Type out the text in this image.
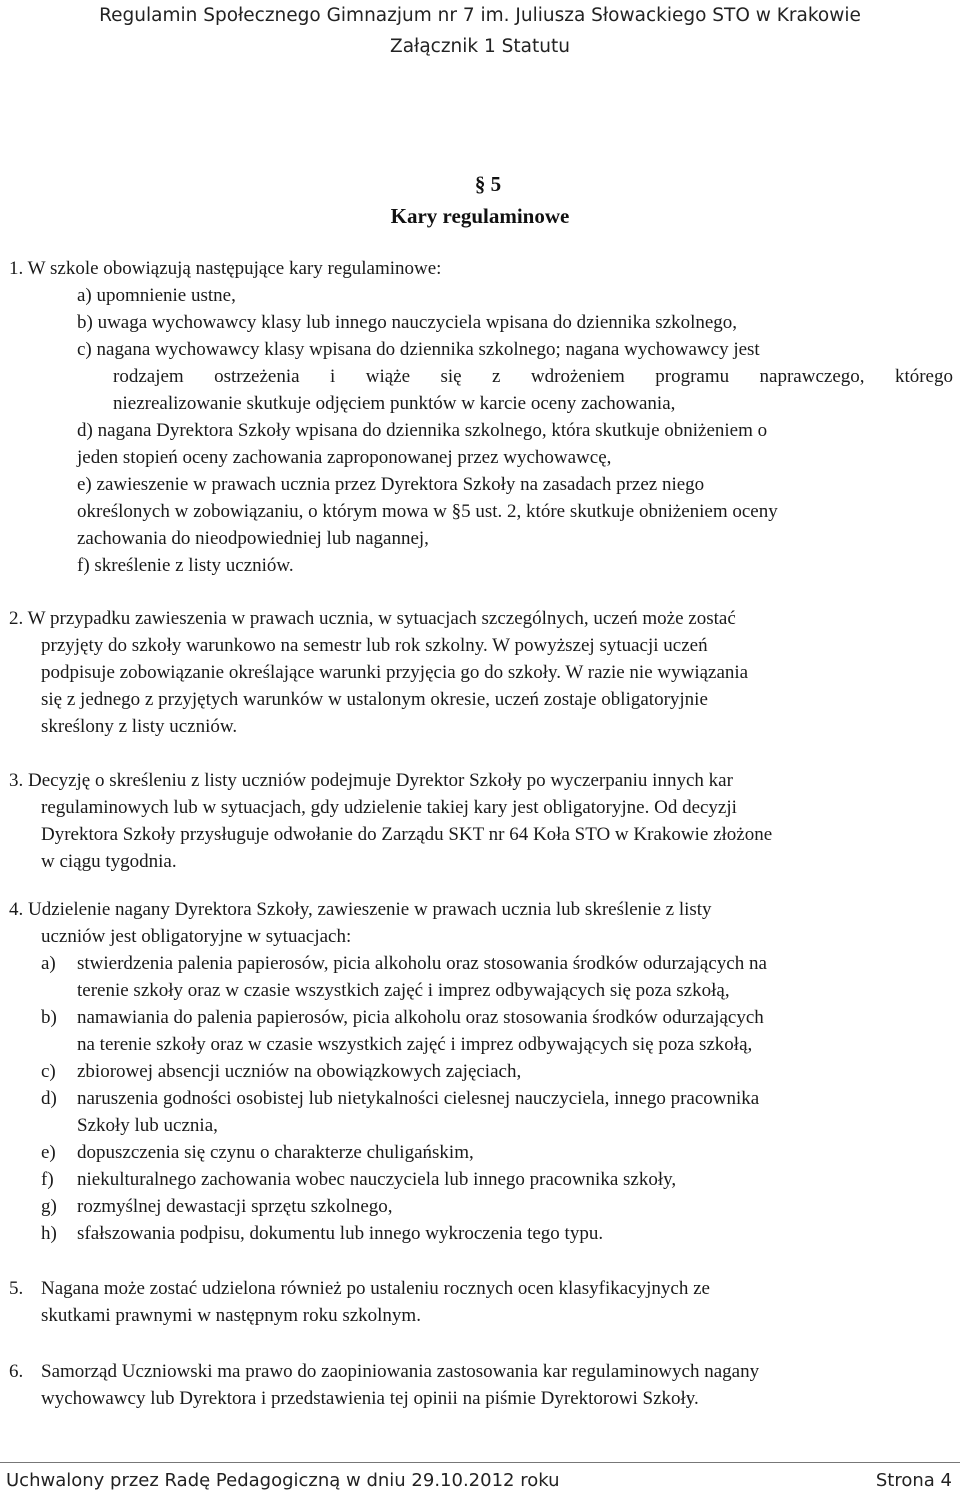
Regulamin Społecznego Gimnazjum nr 7 im. Juliusza Słowackiego STO w Krakowie
Załącznik 1 Statutu
§ 5
Kary regulaminowe
1. W szkole obowiązują następujące kary regulaminowe:
a) upomnienie ustne,
b) uwaga wychowawcy klasy lub innego nauczyciela wpisana do dziennika szkolnego,
c) nagana wychowawcy klasy wpisana do dziennika szkolnego; nagana wychowawcy jest
rodzajem ostrzeżenia i wiąże się z wdrożeniem programu naprawczego, którego
niezrealizowanie skutkuje odjęciem punktów w karcie oceny zachowania,
d) nagana Dyrektora Szkoły wpisana do dziennika szkolnego, która skutkuje obniżeniem o
jeden stopień oceny zachowania zaproponowanej przez wychowawcę,
e) zawieszenie w prawach ucznia przez Dyrektora Szkoły na zasadach przez niego
określonych w zobowiązaniu, o którym mowa w §5 ust. 2, które skutkuje obniżeniem oceny
zachowania do nieodpowiedniej lub nagannej,
f) skreślenie z listy uczniów.
2. W przypadku zawieszenia w prawach ucznia, w sytuacjach szczególnych, uczeń może zostać
przyjęty do szkoły warunkowo na semestr lub rok szkolny. W powyższej sytuacji uczeń
podpisuje zobowiązanie określające warunki przyjęcia go do szkoły. W razie nie wywiązania
się z jednego z przyjętych warunków w ustalonym okresie, uczeń zostaje obligatoryjnie
skreślony z listy uczniów.
3. Decyzję o skreśleniu z listy uczniów podejmuje Dyrektor Szkoły po wyczerpaniu innych kar
regulaminowych lub w sytuacjach, gdy udzielenie takiej kary jest obligatoryjne. Od decyzji
Dyrektora Szkoły przysługuje odwołanie do Zarządu SKT nr 64 Koła STO w Krakowie złożone
w ciągu tygodnia.
4. Udzielenie nagany Dyrektora Szkoły, zawieszenie w prawach ucznia lub skreślenie z listy
uczniów jest obligatoryjne w sytuacjach:
a) stwierdzenia palenia papierosów, picia alkoholu oraz stosowania środków odurzających na
terenie szkoły oraz w czasie wszystkich zajęć i imprez odbywających się poza szkołą,
b) namawiania do palenia papierosów, picia alkoholu oraz stosowania środków odurzających
na terenie szkoły oraz w czasie wszystkich zajęć i imprez odbywających się poza szkołą,
c) zbiorowej absencji uczniów na obowiązkowych zajęciach,
d) naruszenia godności osobistej lub nietykalności cielesnej nauczyciela, innego pracownika
Szkoły lub ucznia,
e) dopuszczenia się czynu o charakterze chuligańskim,
f) niekulturalnego zachowania wobec nauczyciela lub innego pracownika szkoły,
g) rozmyślnej dewastacji sprzętu szkolnego,
h) sfałszowania podpisu, dokumentu lub innego wykroczenia tego typu.
5. Nagana może zostać udzielona również po ustaleniu rocznych ocen klasyfikacyjnych ze
skutkami prawnymi w następnym roku szkolnym.
6. Samorząd Uczniowski ma prawo do zaopiniowania zastosowania kar regulaminowych nagany
wychowawcy lub Dyrektora i przedstawienia tej opinii na piśmie Dyrektorowi Szkoły.
Uchwalony przez Radę Pedagogiczną w dniu 29.10.2012 roku	Strona 4
